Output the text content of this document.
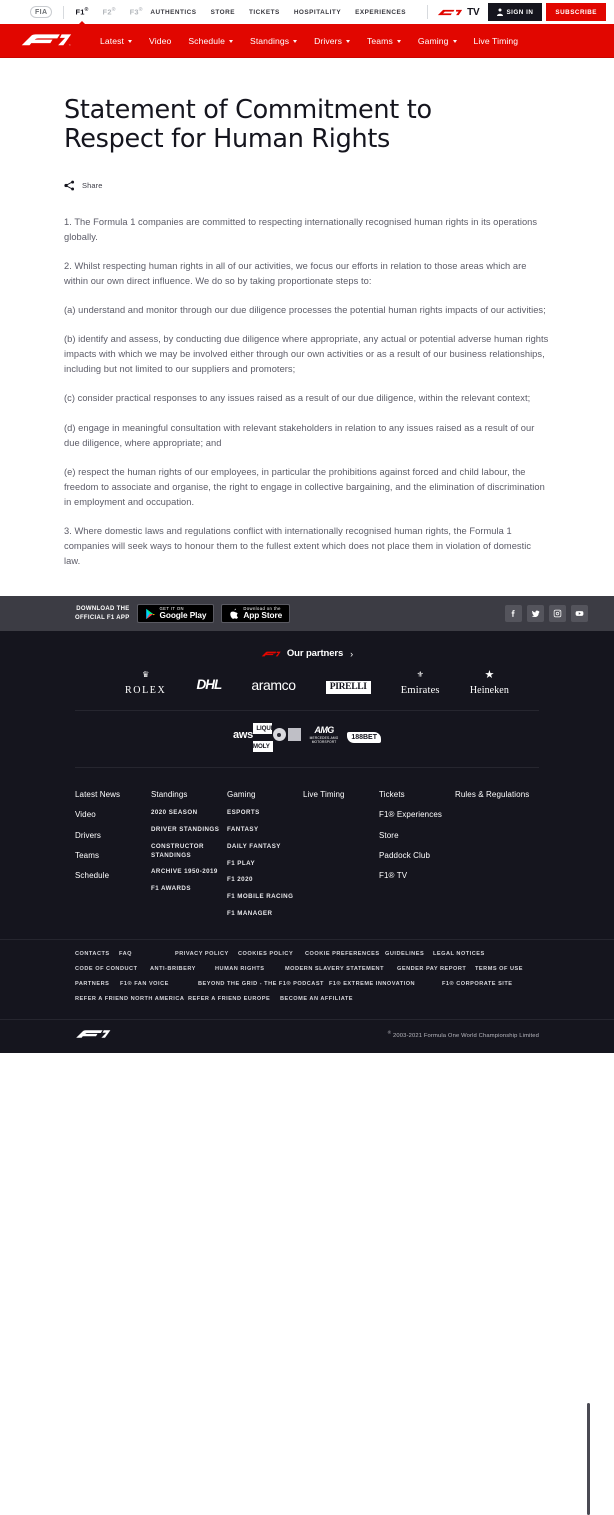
FIA	F1® F2® F3® AUTHENTICS STORE TICKETS HOSPITALITY EXPERIENCES	TV	SIGN IN	SUBSCRIBE
™
Latest	Video Schedule	Standings	Drivers	Teams	Gaming	Live Timing
Statement of Commitment to Respect for Human Rights
Share

1. The Formula 1 companies are committed to respecting internationally recognised human rights in its operations globally.

2. Whilst respecting human rights in all of our activities, we focus our efforts in relation to those areas which are within our own direct influence. We do so by taking proportionate steps to:

(a) understand and monitor through our due diligence processes the potential human rights impacts of our activities;

(b) identify and assess, by conducting due diligence where appropriate, any actual or potential adverse human rights impacts with which we may be involved either through our own activities or as a result of our business relationships, including but not limited to our suppliers and promoters;

(c) consider practical responses to any issues raised as a result of our due diligence, within the relevant context;

(d) engage in meaningful consultation with relevant stakeholders in relation to any issues raised as a result of our due diligence, where appropriate; and

(e) respect the human rights of our employees, in particular the prohibitions against forced and child labour, the freedom to associate and organise, the right to engage in collective bargaining, and the elimination of discrimination in employment and occupation.

3. Where domestic laws and regulations conflict with internationally recognised human rights, the Formula 1 companies will seek ways to honour them to the fullest extent which does not place them in violation of domestic law.

DOWNLOAD THE
OFFICIAL F1 APP
GET IT ON
Google Play
Download on the
App Store
Our partners ›
♛
ROLEX DHL aramco	PIRELLI
⚜
Emirates
★
Heineken
aws
LIQUI
MOLY
AMG
MERCEDES-AMG MOTORSPORT
188BET
Latest News
Video
Drivers
Teams
Schedule
Standings
2020 SEASON
DRIVER STANDINGS
CONSTRUCTOR STANDINGS
ARCHIVE 1950-2019
F1 AWARDS
Gaming
ESPORTS
FANTASY
DAILY FANTASY
F1 PLAY
F1 2020
F1 MOBILE RACING
F1 MANAGER
Live Timing	Tickets
F1® Experiences
Store
Paddock Club
F1® TV
Rules & Regulations
CONTACTS	FAQ	PRIVACY POLICY	COOKIES POLICY	COOKIE PREFERENCES GUIDELINES	LEGAL NOTICES
CODE OF CONDUCT	ANTI-BRIBERY	HUMAN RIGHTS	MODERN SLAVERY STATEMENT	GENDER PAY REPORT	TERMS OF USE
PARTNERS	F1® FAN VOICE	BEYOND THE GRID - THE F1® PODCAST F1® EXTREME INNOVATION	F1® CORPORATE SITE
REFER A FRIEND NORTH AMERICA REFER A FRIEND EUROPE	BECOME AN AFFILIATE
® 2003-2021 Formula One World Championship Limited
